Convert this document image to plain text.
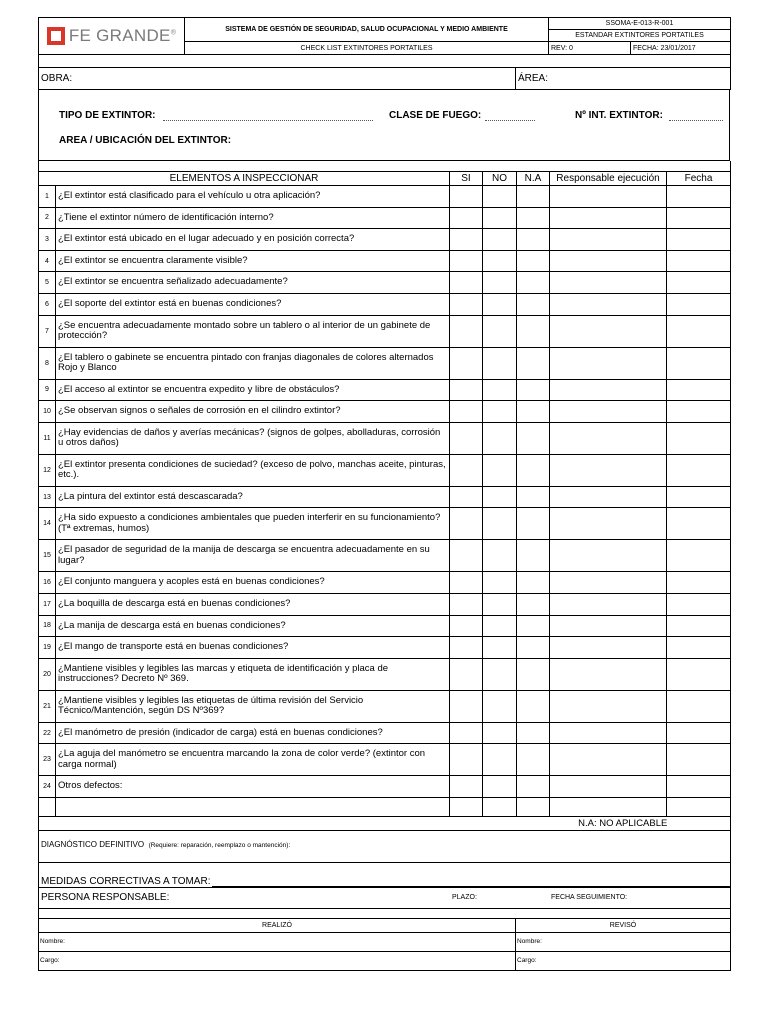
FE GRANDE®	SISTEMA DE GESTIÓN DE SEGURIDAD, SALUD OCUPACIONAL Y MEDIO AMBIENTE	SSOMA-E-013-R-001	
		ESTANDAR EXTINTORES PORTATILES	
	CHECK LIST EXTINTORES PORTATILES	REV: 0	FECHA: 23/01/2017

OBRA:	ÁREA:
TIPO DE EXTINTOR:	CLASE DE FUEGO:	Nº INT. EXTINTOR:
AREA / UBICACIÓN DEL EXTINTOR:

ELEMENTOS A INSPECCIONAR		SI	NO	N.A	Responsable ejecución	Fecha
1	¿El extintor está clasificado para el vehículo u otra aplicación?					
2	¿Tiene el extintor número de identificación interno?					
3	¿El extintor está ubicado en el lugar adecuado y en posición correcta?					
4	¿El extintor se encuentra claramente visible?					
5	¿El extintor se encuentra señalizado adecuadamente?					
6	¿El soporte del extintor está en buenas condiciones?					
7	¿Se encuentra adecuadamente montado sobre un tablero o al interior de un gabinete de protección?					
8	¿El tablero o gabinete se encuentra pintado con franjas diagonales de colores alternados Rojo y Blanco					
9	¿El acceso al extintor se encuentra expedito y libre de obstáculos?					
10	¿Se observan signos o señales de corrosión en el cilindro extintor?					
11	¿Hay evidencias de daños y averías mecánicas? (signos de golpes, abolladuras, corrosión u otros daños)					
12	¿El extintor presenta condiciones de suciedad? (exceso de polvo, manchas aceite, pinturas, etc.).					
13	¿La pintura del extintor está descascarada?					
14	¿Ha sido expuesto a condiciones ambientales que pueden interferir en su funcionamiento? (Tª extremas, humos)					
15	¿El pasador de seguridad de la manija de descarga se encuentra adecuadamente en su lugar?					
16	¿El conjunto manguera y acoples está en buenas condiciones?					
17	¿La boquilla de descarga está en buenas condiciones?					
18	¿La manija de descarga está en buenas condiciones?					
19	¿El mango de transporte está en buenas condiciones?					
20	¿Mantiene visibles y legibles las marcas y etiqueta de identificación y placa de instrucciones? Decreto Nº 369.					
21	¿Mantiene visibles y legibles las etiquetas de última revisión del Servicio Técnico/Mantención, según DS Nº369?					
22	¿El manómetro de presión (indicador de carga) está en buenas condiciones?					
23	¿La aguja del manómetro se encuentra marcando la zona de color verde? (extintor con carga normal)					
24	Otros defectos:					

	N.A: NO APLICABLE
DIAGNÓSTICO DEFINITIVO (Requiere: reparación, reemplazo o mantención):	

MEDIDAS CORRECTIVAS A TOMAR:	

PERSONA RESPONSABLE: PLAZO: FECHA SEGUIMIENTO:	

REALIZÓ	REVISÓ
Nombre:	Nombre:
Cargo:	Cargo:
